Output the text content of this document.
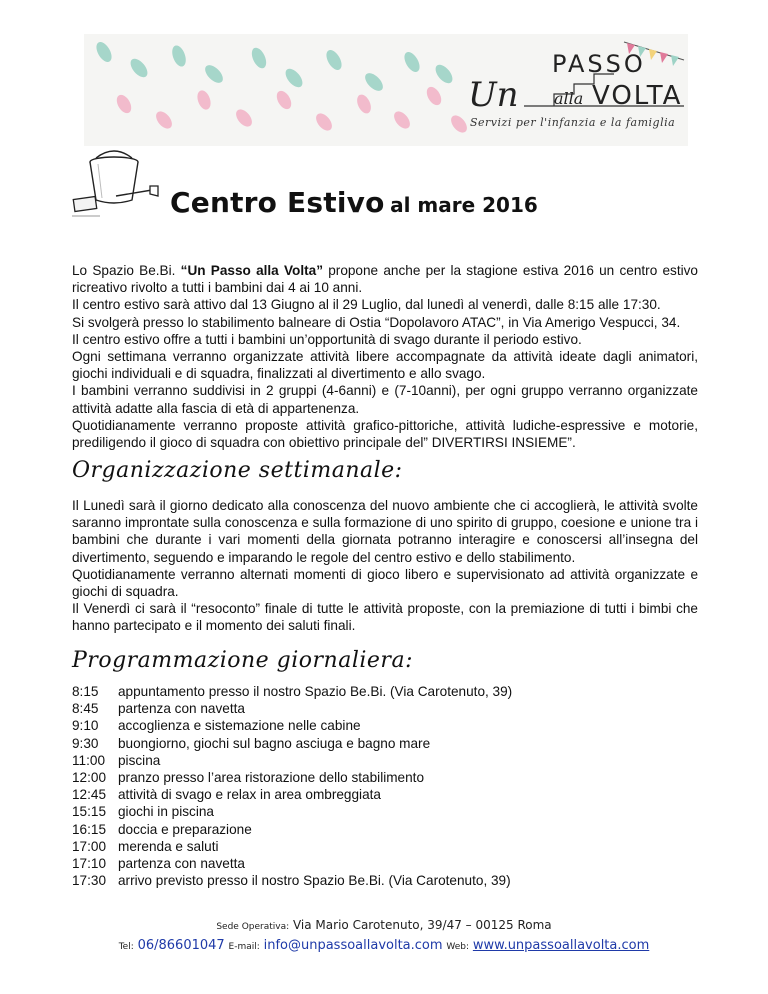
Un
PASSO
alla VOLTA
Servizi per l'infanzia e la famiglia
Centro Estivo al mare 2016

Lo Spazio Be.Bi. “Un Passo alla Volta” propone anche per la stagione estiva 2016 un centro estivo ricreativo rivolto a tutti i bambini dai 4 ai 10 anni.

Il centro estivo sarà attivo dal 13 Giugno al il 29 Luglio, dal lunedì al venerdì, dalle 8:15 alle 17:30.

Si svolgerà presso lo stabilimento balneare di Ostia “Dopolavoro ATAC”, in Via Amerigo Vespucci, 34.

Il centro estivo offre a tutti i bambini un’opportunità di svago durante il periodo estivo.

Ogni settimana verranno organizzate attività libere accompagnate da attività ideate dagli animatori, giochi individuali e di squadra, finalizzati al divertimento e allo svago.

I bambini verranno suddivisi in 2 gruppi (4-6anni) e (7-10anni), per ogni gruppo verranno organizzate attività adatte alla fascia di età di appartenenza.

Quotidianamente verranno proposte attività grafico-pittoriche, attività ludiche-espressive e motorie, prediligendo il gioco di squadra con obiettivo principale del” DIVERTIRSI INSIEME”.

Organizzazione settimanale:

Il Lunedì sarà il giorno dedicato alla conoscenza del nuovo ambiente che ci accoglierà, le attività svolte saranno improntate sulla conoscenza e sulla formazione di uno spirito di gruppo, coesione e unione tra i bambini che durante i vari momenti della giornata potranno interagire e conoscersi all’insegna del divertimento, seguendo e imparando le regole del centro estivo e dello stabilimento.

Quotidianamente verranno alternati momenti di gioco libero e supervisionato ad attività organizzate e giochi di squadra.

Il Venerdì ci sarà il “resoconto” finale di tutte le attività proposte, con la premiazione di tutti i bimbi che hanno partecipato e il momento dei saluti finali.

Programmazione giornaliera:
8:15	appuntamento presso il nostro Spazio Be.Bi. (Via Carotenuto, 39)
8:45	partenza con navetta
9:10	accoglienza e sistemazione nelle cabine
9:30	buongiorno, giochi sul bagno asciuga e bagno mare
11:00 piscina
12:00 pranzo presso l’area ristorazione dello stabilimento
12:45 attività di svago e relax in area ombreggiata
15:15 giochi in piscina
16:15 doccia e preparazione
17:00 merenda e saluti
17:10 partenza con navetta
17:30 arrivo previsto presso il nostro Spazio Be.Bi. (Via Carotenuto, 39)
Sede Operativa: Via Mario Carotenuto, 39/47 – 00125 Roma
Tel: 06/86601047 E-mail: info@unpassoallavolta.com Web: www.unpassoallavolta.com
